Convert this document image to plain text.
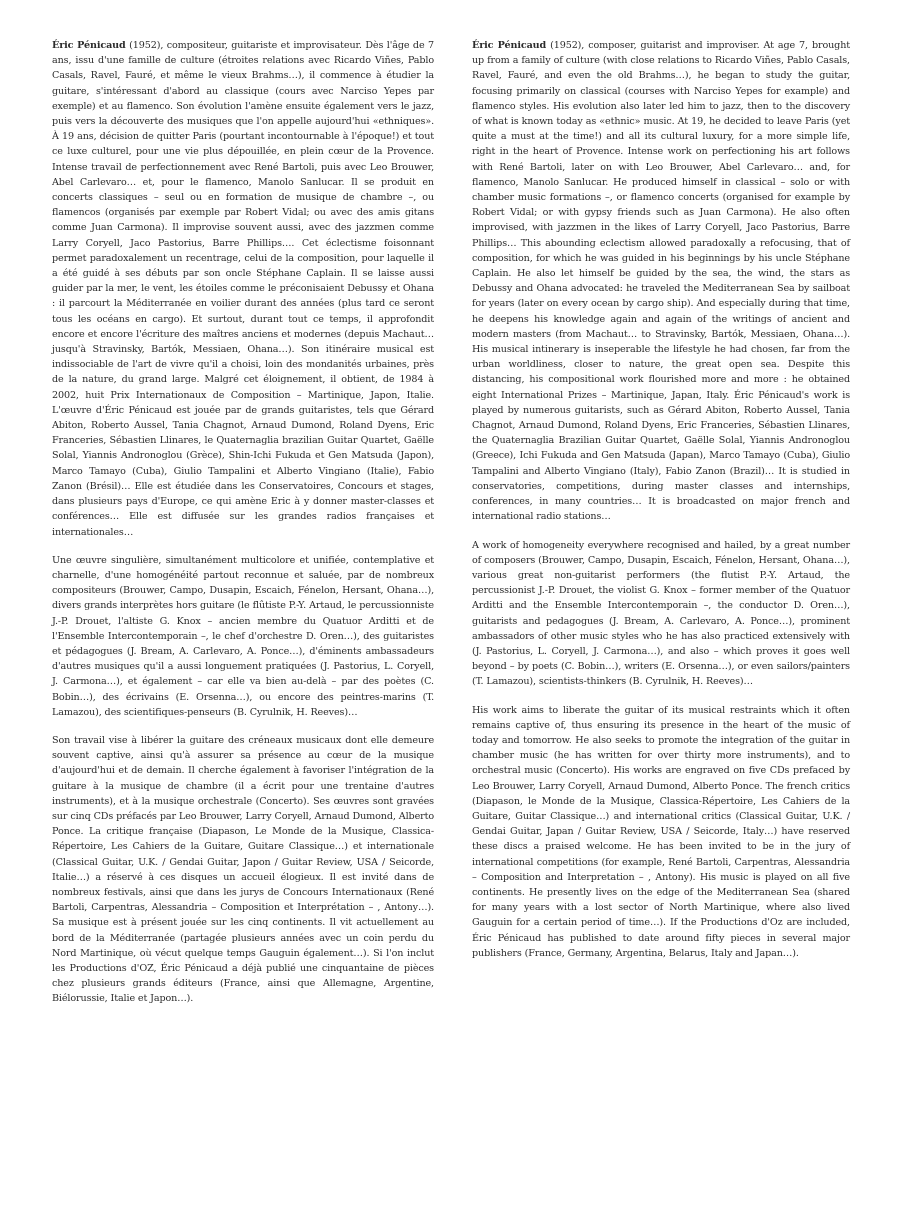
Éric Pénicaud (1952), compositeur, guitariste et improvisateur. Dès l'âge de 7 ans, issu d'une famille de culture (étroites relations avec Ricardo Viñes, Pablo Casals, Ravel, Fauré, et même le vieux Brahms…), il commence à étudier la guitare, s'intéressant d'abord au classique (cours avec Narciso Yepes par exemple) et au flamenco. Son évolution l'amène ensuite également vers le jazz, puis vers la découverte des musiques que l'on appelle aujourd'hui «ethniques». À 19 ans, décision de quitter Paris (pourtant incontournable à l'époque!) et tout ce luxe culturel, pour une vie plus dépouillée, en plein cœur de la Provence. Intense travail de perfectionnement avec René Bartoli, puis avec Leo Brouwer, Abel Carlevaro… et, pour le flamenco, Manolo Sanlucar. Il se produit en concerts classiques – seul ou en formation de musique de chambre –, ou flamencos (organisés par exemple par Robert Vidal; ou avec des amis gitans comme Juan Carmona). Il improvise souvent aussi, avec des jazzmen comme Larry Coryell, Jaco Pastorius, Barre Phillips…. Cet éclectisme foisonnant permet paradoxalement un recentrage, celui de la composition, pour laquelle il a été guidé à ses débuts par son oncle Stéphane Caplain. Il se laisse aussi guider par la mer, le vent, les étoiles comme le préconisaient Debussy et Ohana : il parcourt la Méditerranée en voilier durant des années (plus tard ce seront tous les océans en cargo). Et surtout, durant tout ce temps, il approfondit encore et encore l'écriture des maîtres anciens et modernes (depuis Machaut… jusqu'à Stravinsky, Bartók, Messiaen, Ohana…). Son itinéraire musical est indissociable de l'art de vivre qu'il a choisi, loin des mondanités urbaines, près de la nature, du grand large. Malgré cet éloignement, il obtient, de 1984 à 2002, huit Prix Internationaux de Composition – Martinique, Japon, Italie. L'œuvre d'Éric Pénicaud est jouée par de grands guitaristes, tels que Gérard Abiton, Roberto Aussel, Tania Chagnot, Arnaud Dumond, Roland Dyens, Eric Franceries, Sébastien Llinares, le Quaternaglia brazilian Guitar Quartet, Gaëlle Solal, Yiannis Andronoglou (Grèce), Shin-Ichi Fukuda et Gen Matsuda (Japon), Marco Tamayo (Cuba), Giulio Tampalini et Alberto Vingiano (Italie), Fabio Zanon (Brésil)… Elle est étudiée dans les Conservatoires, Concours et stages, dans plusieurs pays d'Europe, ce qui amène Eric à y donner master-classes et conférences… Elle est diffusée sur les grandes radios françaises et internationales…

Une œuvre singulière, simultanément multicolore et unifiée, contemplative et charnelle, d'une homogénéité partout reconnue et saluée, par de nombreux compositeurs (Brouwer, Campo, Dusapin, Escaich, Fénelon, Hersant, Ohana…), divers grands interprètes hors guitare (le flûtiste P.-Y. Artaud, le percussionniste J.-P. Drouet, l'altiste G. Knox – ancien membre du Quatuor Arditti et de l'Ensemble Intercontemporain –, le chef d'orchestre D. Oren…), des guitaristes et pédagogues (J. Bream, A. Carlevaro, A. Ponce…), d'éminents ambassadeurs d'autres musiques qu'il a aussi longuement pratiquées (J. Pastorius, L. Coryell, J. Carmona…), et également – car elle va bien au-delà – par des poètes (C. Bobin…), des écrivains (E. Orsenna…), ou encore des peintres-marins (T. Lamazou), des scientifiques-penseurs (B. Cyrulnik, H. Reeves)…

Son travail vise à libérer la guitare des créneaux musicaux dont elle demeure souvent captive, ainsi qu'à assurer sa présence au cœur de la musique d'aujourd'hui et de demain. Il cherche également à favoriser l'intégration de la guitare à la musique de chambre (il a écrit pour une trentaine d'autres instruments), et à la musique orchestrale (Concerto). Ses œuvres sont gravées sur cinq CDs préfacés par Leo Brouwer, Larry Coryell, Arnaud Dumond, Alberto Ponce. La critique française (Diapason, Le Monde de la Musique, Classica-Répertoire, Les Cahiers de la Guitare, Guitare Classique…) et internationale (Classical Guitar, U.K. / Gendai Guitar, Japon / Guitar Review, USA / Seicorde, Italie…) a réservé à ces disques un accueil élogieux. Il est invité dans de nombreux festivals, ainsi que dans les jurys de Concours Internationaux (René Bartoli, Carpentras, Alessandria – Composition et Interprétation – , Antony…). Sa musique est à présent jouée sur les cinq continents. Il vit actuellement au bord de la Méditerranée (partagée plusieurs années avec un coin perdu du Nord Martinique, où vécut quelque temps Gauguin également…). Si l'on inclut les Productions d'OZ, Éric Pénicaud a déjà publié une cinquantaine de pièces chez plusieurs grands éditeurs (France, ainsi que Allemagne, Argentine, Biélorussie, Italie et Japon…).

Éric Pénicaud (1952), composer, guitarist and improviser. At age 7, brought up from a family of culture (with close relations to Ricardo Viñes, Pablo Casals, Ravel, Fauré, and even the old Brahms…), he began to study the guitar, focusing primarily on classical (courses with Narciso Yepes for example) and flamenco styles. His evolution also later led him to jazz, then to the discovery of what is known today as «ethnic» music. At 19, he decided to leave Paris (yet quite a must at the time!) and all its cultural luxury, for a more simple life, right in the heart of Provence. Intense work on perfectioning his art follows with René Bartoli, later on with Leo Brouwer, Abel Carlevaro… and, for flamenco, Manolo Sanlucar. He produced himself in classical – solo or with chamber music formations –, or flamenco concerts (organised for example by Robert Vidal; or with gypsy friends such as Juan Carmona). He also often improvised, with jazzmen in the likes of Larry Coryell, Jaco Pastorius, Barre Phillips… This abounding eclectism allowed paradoxally a refocusing, that of composition, for which he was guided in his beginnings by his uncle Stéphane Caplain. He also let himself be guided by the sea, the wind, the stars as Debussy and Ohana advocated: he traveled the Mediterranean Sea by sailboat for years (later on every ocean by cargo ship). And especially during that time, he deepens his knowledge again and again of the writings of ancient and modern masters (from Machaut… to Stravinsky, Bartók, Messiaen, Ohana…). His musical intinerary is inseperable the lifestyle he had chosen, far from the urban worldliness, closer to nature, the great open sea. Despite this distancing, his compositional work flourished more and more : he obtained eight International Prizes – Martinique, Japan, Italy. Éric Pénicaud's work is played by numerous guitarists, such as Gérard Abiton, Roberto Aussel, Tania Chagnot, Arnaud Dumond, Roland Dyens, Eric Franceries, Sébastien Llinares, the Quaternaglia Brazilian Guitar Quartet, Gaëlle Solal, Yiannis Andronoglou (Greece), Ichi Fukuda and Gen Matsuda (Japan), Marco Tamayo (Cuba), Giulio Tampalini and Alberto Vingiano (Italy), Fabio Zanon (Brazil)… It is studied in conservatories, competitions, during master classes and internships, conferences, in many countries… It is broadcasted on major french and international radio stations…

A work of homogeneity everywhere recognised and hailed, by a great number of composers (Brouwer, Campo, Dusapin, Escaich, Fénelon, Hersant, Ohana…), various great non-guitarist performers (the flutist P.-Y. Artaud, the percussionist J.-P. Drouet, the violist G. Knox – former member of the Quatuor Arditti and the Ensemble Intercontemporain –, the conductor D. Oren…), guitarists and pedagogues (J. Bream, A. Carlevaro, A. Ponce…), prominent ambassadors of other music styles who he has also practiced extensively with (J. Pastorius, L. Coryell, J. Carmona…), and also – which proves it goes well beyond – by poets (C. Bobin…), writers (E. Orsenna…), or even sailors/painters (T. Lamazou), scientists-thinkers (B. Cyrulnik, H. Reeves)…

His work aims to liberate the guitar of its musical restraints which it often remains captive of, thus ensuring its presence in the heart of the music of today and tomorrow. He also seeks to promote the integration of the guitar in chamber music (he has written for over thirty more instruments), and to orchestral music (Concerto). His works are engraved on five CDs prefaced by Leo Brouwer, Larry Coryell, Arnaud Dumond, Alberto Ponce. The french critics (Diapason, le Monde de la Musique, Classica-Répertoire, Les Cahiers de la Guitare, Guitar Classique…) and international critics (Classical Guitar, U.K. / Gendai Guitar, Japan / Guitar Review, USA / Seicorde, Italy…) have reserved these discs a praised welcome. He has been invited to be in the jury of international competitions (for example, René Bartoli, Carpentras, Alessandria – Composition and Interpretation – , Antony). His music is played on all five continents. He presently lives on the edge of the Mediterranean Sea (shared for many years with a lost sector of North Martinique, where also lived Gauguin for a certain period of time…). If the Productions d'Oz are included, Éric Pénicaud has published to date around fifty pieces in several major publishers (France, Germany, Argentina, Belarus, Italy and Japan…).
